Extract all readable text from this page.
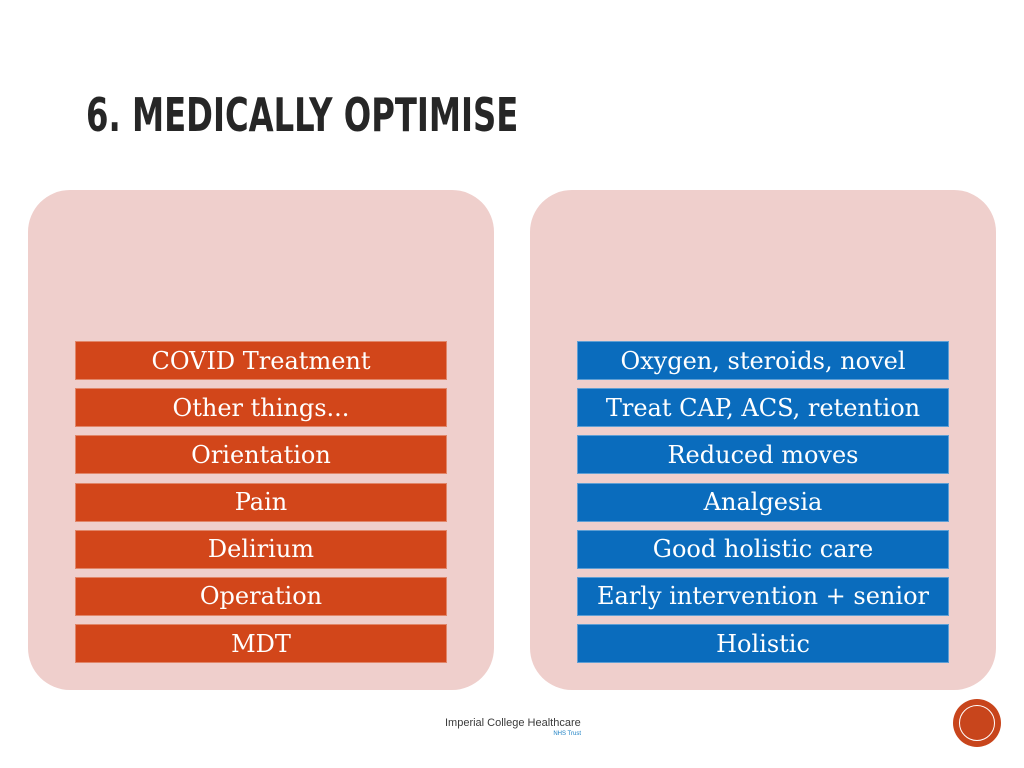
6. MEDICALLY OPTIMISE
COVID Treatment
Other things...
Orientation
Pain
Delirium
Operation
MDT
Oxygen, steroids, novel
Treat CAP, ACS, retention
Reduced moves
Analgesia
Good holistic care
Early intervention + senior
Holistic
Imperial College Healthcare
NHS Trust
